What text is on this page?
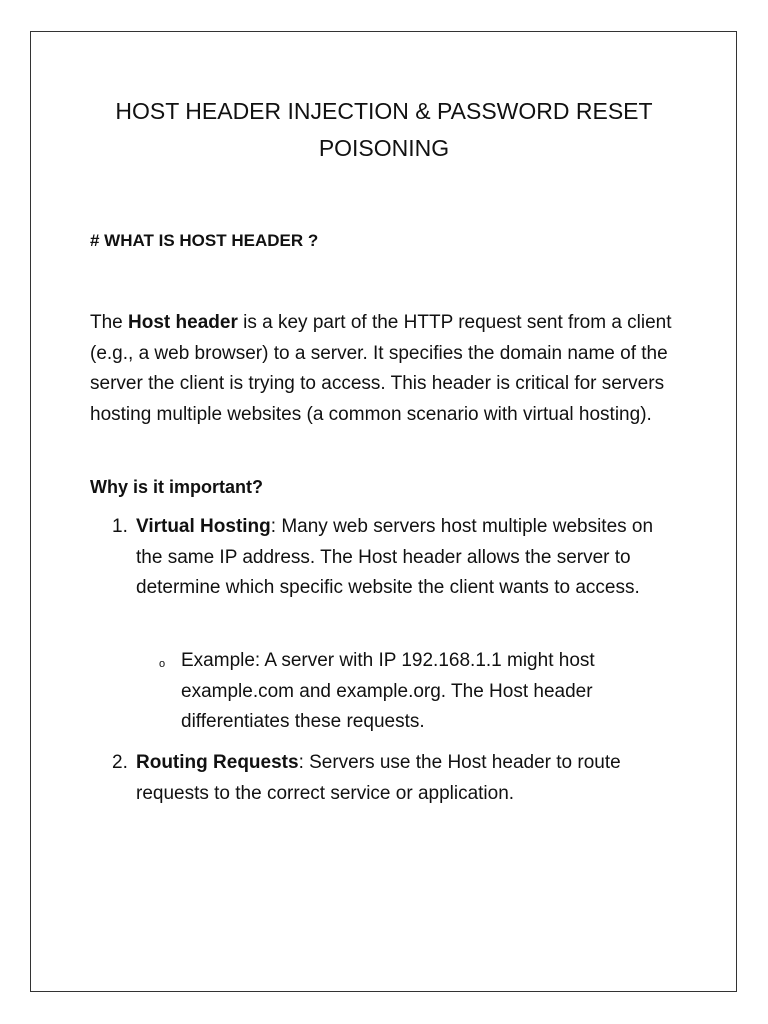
HOST HEADER INJECTION & PASSWORD RESET POISONING

# WHAT IS HOST HEADER ?

The Host header is a key part of the HTTP request sent from a client (e.g., a web browser) to a server. It specifies the domain name of the server the client is trying to access. This header is critical for servers hosting multiple websites (a common scenario with virtual hosting).

Why is it important?

1. Virtual Hosting: Many web servers host multiple websites on the same IP address. The Host header allows the server to determine which specific website the client wants to access.

o Example: A server with IP 192.168.1.1 might host example.com and example.org. The Host header differentiates these requests.

2. Routing Requests: Servers use the Host header to route requests to the correct service or application.
